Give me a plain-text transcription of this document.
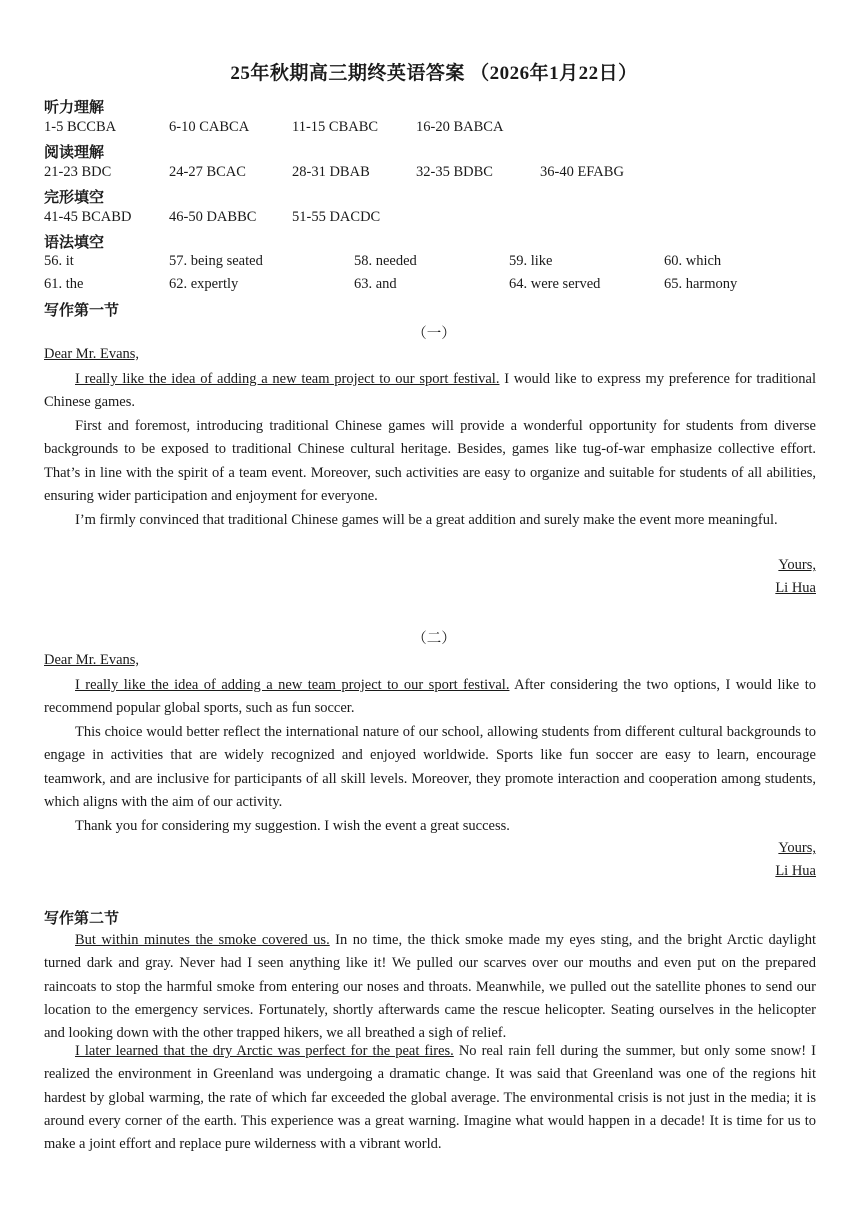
25年秋期高三期终英语答案 （2026年1月22日）
听力理解
1-5 BCCBA	6-10 CABCA	11-15 CBABC	16-20 BABCA
阅读理解
21-23 BDC	24-27 BCAC	28-31 DBAB	32-35 BDBC	36-40 EFABG
完形填空
41-45 BCABD	46-50 DABBC 51-55 DACDC
语法填空
56. it	57. being seated	58. needed	59. like	60. which
61. the	62. expertly	63. and	64. were served	65. harmony
写作第一节
（一）
Dear Mr. Evans,
I really like the idea of adding a new team project to our sport festival. I would like to express my preference for traditional Chinese games.
First and foremost, introducing traditional Chinese games will provide a wonderful opportunity for students from diverse backgrounds to be exposed to traditional Chinese cultural heritage. Besides, games like tug-of-war emphasize collective effort. That’s in line with the spirit of a team event. Moreover, such activities are easy to organize and suitable for students of all abilities, ensuring wider participation and enjoyment for everyone.
I’m firmly convinced that traditional Chinese games will be a great addition and surely make the event more meaningful.
Yours,
Li Hua
（二）
Dear Mr. Evans,
I really like the idea of adding a new team project to our sport festival. After considering the two options, I would like to recommend popular global sports, such as fun soccer.
This choice would better reflect the international nature of our school, allowing students from different cultural backgrounds to engage in activities that are widely recognized and enjoyed worldwide. Sports like fun soccer are easy to learn, encourage teamwork, and are inclusive for participants of all skill levels. Moreover, they promote interaction and cooperation among students, which aligns with the aim of our activity.
Thank you for considering my suggestion. I wish the event a great success.
Yours,
Li Hua
写作第二节
But within minutes the smoke covered us. In no time, the thick smoke made my eyes sting, and the bright Arctic daylight turned dark and gray. Never had I seen anything like it! We pulled our scarves over our mouths and even put on the prepared raincoats to stop the harmful smoke from entering our noses and throats. Meanwhile, we pulled out the satellite phones to send our location to the emergency services. Fortunately, shortly afterwards came the rescue helicopter. Seating ourselves in the helicopter and looking down with the other trapped hikers, we all breathed a sigh of relief.
I later learned that the dry Arctic was perfect for the peat fires. No real rain fell during the summer, but only some snow! I realized the environment in Greenland was undergoing a dramatic change. It was said that Greenland was one of the regions hit hardest by global warming, the rate of which far exceeded the global average. The environmental crisis is not just in the media; it is around every corner of the earth. This experience was a great warning. Imagine what would happen in a decade! It is time for us to make a joint effort and replace pure wilderness with a vibrant world.
